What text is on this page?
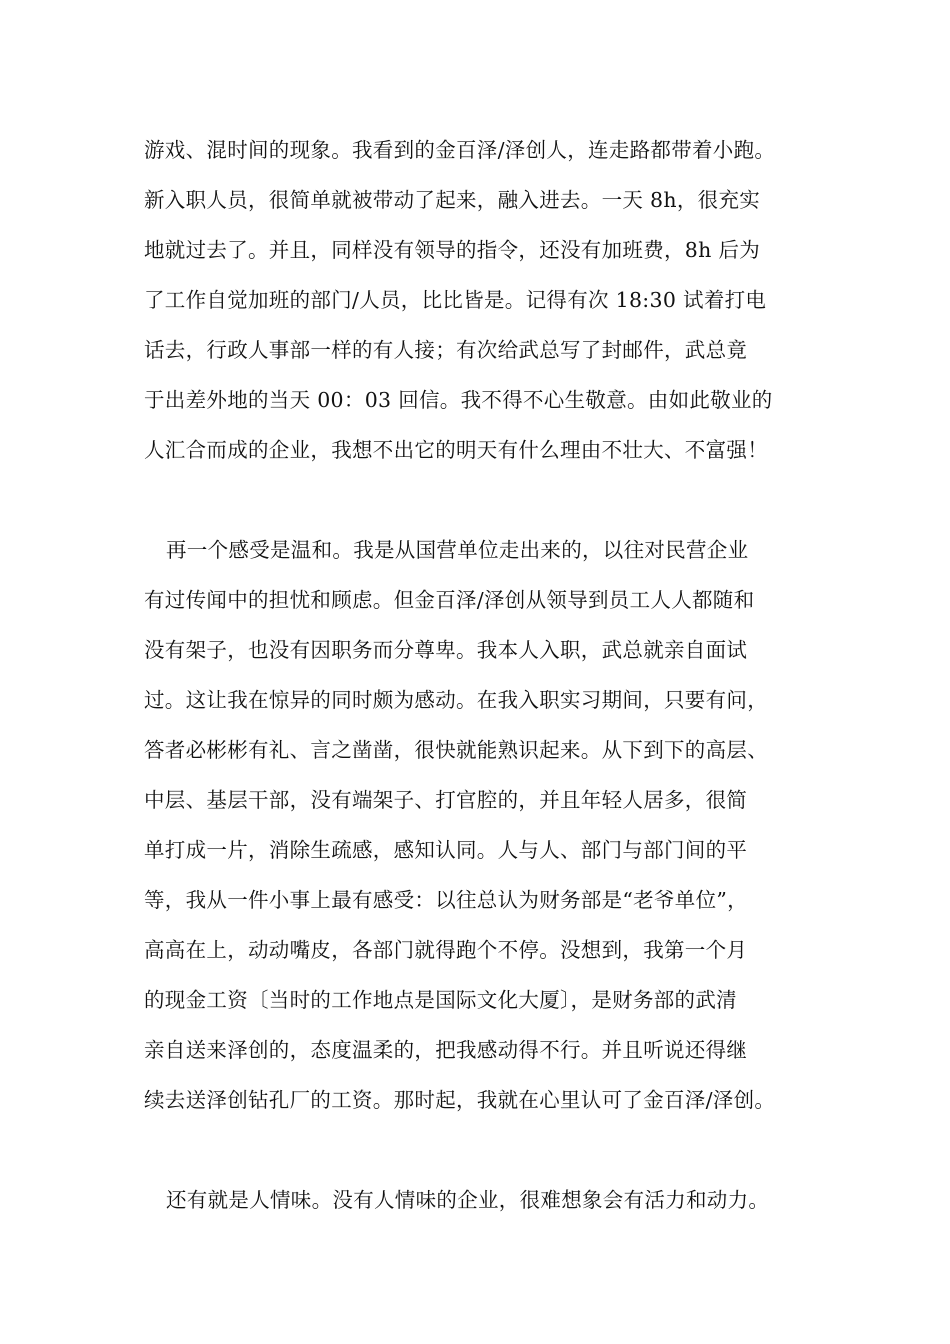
游戏、混时间的现象。我看到的金百泽/泽创人，连走路都带着小跑。
新入职人员，很简单就被带动了起来，融入进去。一天 8h，很充实
地就过去了。并且，同样没有领导的指令，还没有加班费，8h 后为
了工作自觉加班的部门/人员，比比皆是。记得有次 18:30 试着打电
话去，行政人事部一样的有人接；有次给武总写了封邮件，武总竟
于出差外地的当天 00：03 回信。我不得不心生敬意。由如此敬业的
人汇合而成的企业，我想不出它的明天有什么理由不壮大、不富强！
再一个感受是温和。我是从国营单位走出来的，以往对民营企业
有过传闻中的担忧和顾虑。但金百泽/泽创从领导到员工人人都随和
没有架子，也没有因职务而分尊卑。我本人入职，武总就亲自面试
过。这让我在惊异的同时颇为感动。在我入职实习期间，只要有问，
答者必彬彬有礼、言之凿凿，很快就能熟识起来。从下到下的高层、
中层、基层干部，没有端架子、打官腔的，并且年轻人居多，很简
单打成一片，消除生疏感，感知认同。人与人、部门与部门间的平
等，我从一件小事上最有感受：以往总认为财务部是“老爷单位”，
高高在上，动动嘴皮，各部门就得跑个不停。没想到，我第一个月
的现金工资〔当时的工作地点是国际文化大厦〕，是财务部的武清
亲自送来泽创的，态度温柔的，把我感动得不行。并且听说还得继
续去送泽创钻孔厂的工资。那时起，我就在心里认可了金百泽/泽创。
还有就是人情味。没有人情味的企业，很难想象会有活力和动力。
